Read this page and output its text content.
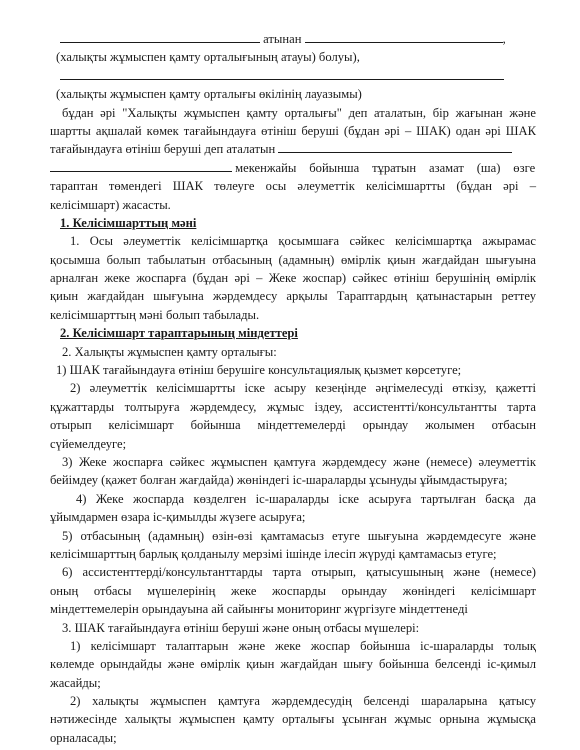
атынан	,
(халықты жұмыспен қамту орталығының атауы) болуы),
(халықты жұмыспен қамту орталығы өкілінің лауазымы)
бұдан әрі "Халықты жұмыспен қамту орталығы" деп аталатын, бір жағынан және
шартты ақшалай көмек тағайындауға өтініш беруші (бұдан әрі – ШАК) одан әрі ШАК
тағайындауға өтініш беруші деп аталатын
мекенжайы бойынша тұратын азамат (ша) өзге
тараптан төмендегі ШАК төлеуге осы әлеуметтік келісімшартты (бұдан әрі –
келісімшарт) жасасты.
1. Келісімшарттың мәні
1. Осы әлеуметтік келісімшартқа қосымшаға сәйкес келісімшартқа ажырамас
қосымша болып табылатын отбасының (адамның) өмірлік қиын жағдайдан шығуына
арналған жеке жоспарға (бұдан әрі – Жеке жоспар) сәйкес өтініш берушінің өмірлік
қиын жағдайдан шығуына жәрдемдесу арқылы Тараптардың қатынастарын реттеу
келісімшарттың мәні болып табылады.
2. Келісімшарт тараптарының міндеттері
2. Халықты жұмыспен қамту орталығы:
1) ШАК тағайындауға өтініш берушіге консультациялық қызмет көрсетуге;
2) әлеуметтік келісімшартты іске асыру кезеңінде әңгімелесуді өткізу, қажетті
құжаттарды толтыруға жәрдемдесу, жұмыс іздеу, ассистентті/консультантты тарта
отырып келісімшарт бойынша міндеттемелерді орындау жолымен отбасын
сүйемелдеуге;
3) Жеке жоспарға сәйкес жұмыспен қамтуға жәрдемдесу және (немесе) әлеуметтік
бейімдеу (қажет болған жағдайда) жөніндегі іс-шараларды ұсынуды ұйымдастыруға;
4) Жеке жоспарда көзделген іс-шараларды іске асыруға тартылған басқа да
ұйымдармен өзара іс-қимылды жүзеге асыруға;
5) отбасының (адамның) өзін-өзі қамтамасыз етуге шығуына жәрдемдесуге және
келісімшарттың барлық қолданылу мерзімі ішінде ілесіп жүруді қамтамасыз етуге;
6) ассистенттерді/консультанттарды тарта отырып, қатысушының және (немесе)
оның отбасы мүшелерінің жеке жоспарды орындау жөніндегі келісімшарт
міндеттемелерін орындауына ай сайынғы мониторинг жүргізуге міндеттенеді
3. ШАК тағайындауға өтініш беруші және оның отбасы мүшелері:
1) келісімшарт талаптарын және жеке жоспар бойынша іс-шараларды толық
көлемде орындайды және өмірлік қиын жағдайдан шығу бойынша белсенді іс-қимыл
жасайды;
2) халықты жұмыспен қамтуға жәрдемдесудің белсенді шараларына қатысу
нәтижесінде халықты жұмыспен қамту орталығы ұсынған жұмыс орнына жұмысқа
орналасады;
